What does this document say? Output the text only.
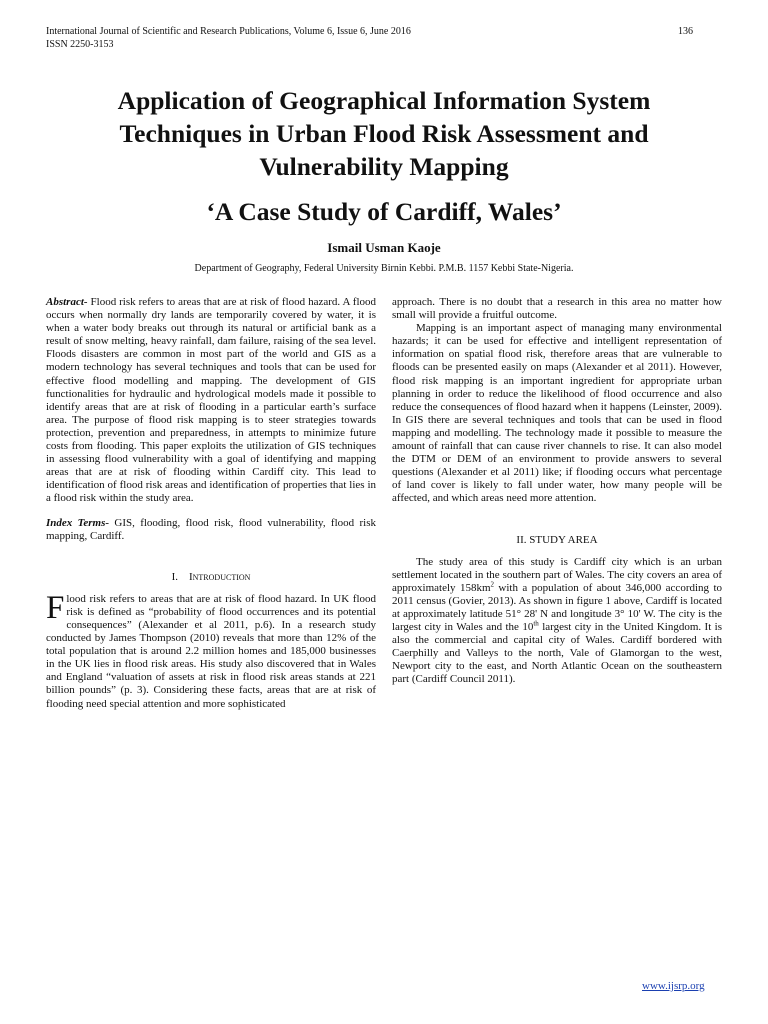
International Journal of Scientific and Research Publications, Volume 6, Issue 6, June 2016
ISSN 2250-3153
136
Application of Geographical Information System
Techniques in Urban Flood Risk Assessment and
Vulnerability Mapping
‘A Case Study of Cardiff, Wales’
Ismail Usman Kaoje
Department of Geography, Federal University Birnin Kebbi. P.M.B. 1157 Kebbi State-Nigeria.

Abstract- Flood risk refers to areas that are at risk of flood hazard. A flood occurs when normally dry lands are temporarily covered by water, it is when a water body breaks out through its natural or artificial bank as a result of snow melting, heavy rainfall, dam failure, raising of the sea level. Floods disasters are common in most part of the world and GIS as a modern technology has several techniques and tools that can be used for effective flood modelling and mapping. The development of GIS functionalities for hydraulic and hydrological models made it possible to identify areas that are at risk of flooding in a particular earth’s surface area. The purpose of flood risk mapping is to steer strategies towards protection, prevention and preparedness, in attempts to minimize future costs from flooding. This paper exploits the utilization of GIS techniques in assessing flood vulnerability with a goal of identifying and mapping areas that are at risk of flooding within Cardiff city. This lead to identification of flood risk areas and identification of properties that lies in a flood risk within the study area.

Index Terms- GIS, flooding, flood risk, flood vulnerability, flood risk mapping, Cardiff.

I. Introduction

Flood risk refers to areas that are at risk of flood hazard. In UK flood risk is defined as “probability of flood occurrences and its potential consequences” (Alexander et al 2011, p.6). In a research study conducted by James Thompson (2010) reveals that more than 12% of the total population that is around 2.2 million homes and 185,000 businesses in the UK lies in flood risk areas. His study also discovered that in Wales and England “valuation of assets at risk in flood risk areas stands at 221 billion pounds” (p. 3). Considering these facts, areas that are at risk of flooding need special attention and more sophisticated

approach. There is no doubt that a research in this area no matter how small will provide a fruitful outcome.

Mapping is an important aspect of managing many environmental hazards; it can be used for effective and intelligent representation of information on spatial flood risk, therefore areas that are vulnerable to floods can be presented easily on maps (Alexander et al 2011). However, flood risk mapping is an important ingredient for appropriate urban planning in order to reduce the likelihood of flood occurrence and also reduce the consequences of flood hazard when it happens (Leinster, 2009). In GIS there are several techniques and tools that can be used in flood mapping and modelling. The technology made it possible to measure the amount of rainfall that can cause river channels to rise. It can also model the DTM or DEM of an environment to provide answers to several questions (Alexander et al 2011) like; if flooding occurs what percentage of land cover is likely to fall under water, how many people will be affected, and which areas need more attention.

II. STUDY AREA

The study area of this study is Cardiff city which is an urban settlement located in the southern part of Wales. The city covers an area of approximately $158km^2$ with a population of about 346,000 according to 2011 census (Govier, 2013). As shown in figure 1 above, Cardiff is located at approximately latitude 51° 28' N and longitude 3° 10' W. The city is the largest city in Wales and the 10th largest city in the United Kingdom. It is also the commercial and capital city of Wales. Cardiff bordered with Caerphilly and Valleys to the north, Vale of Glamorgan to the west, Newport city to the east, and North Atlantic Ocean on the southeastern part (Cardiff Council 2011).

www.ijsrp.org
